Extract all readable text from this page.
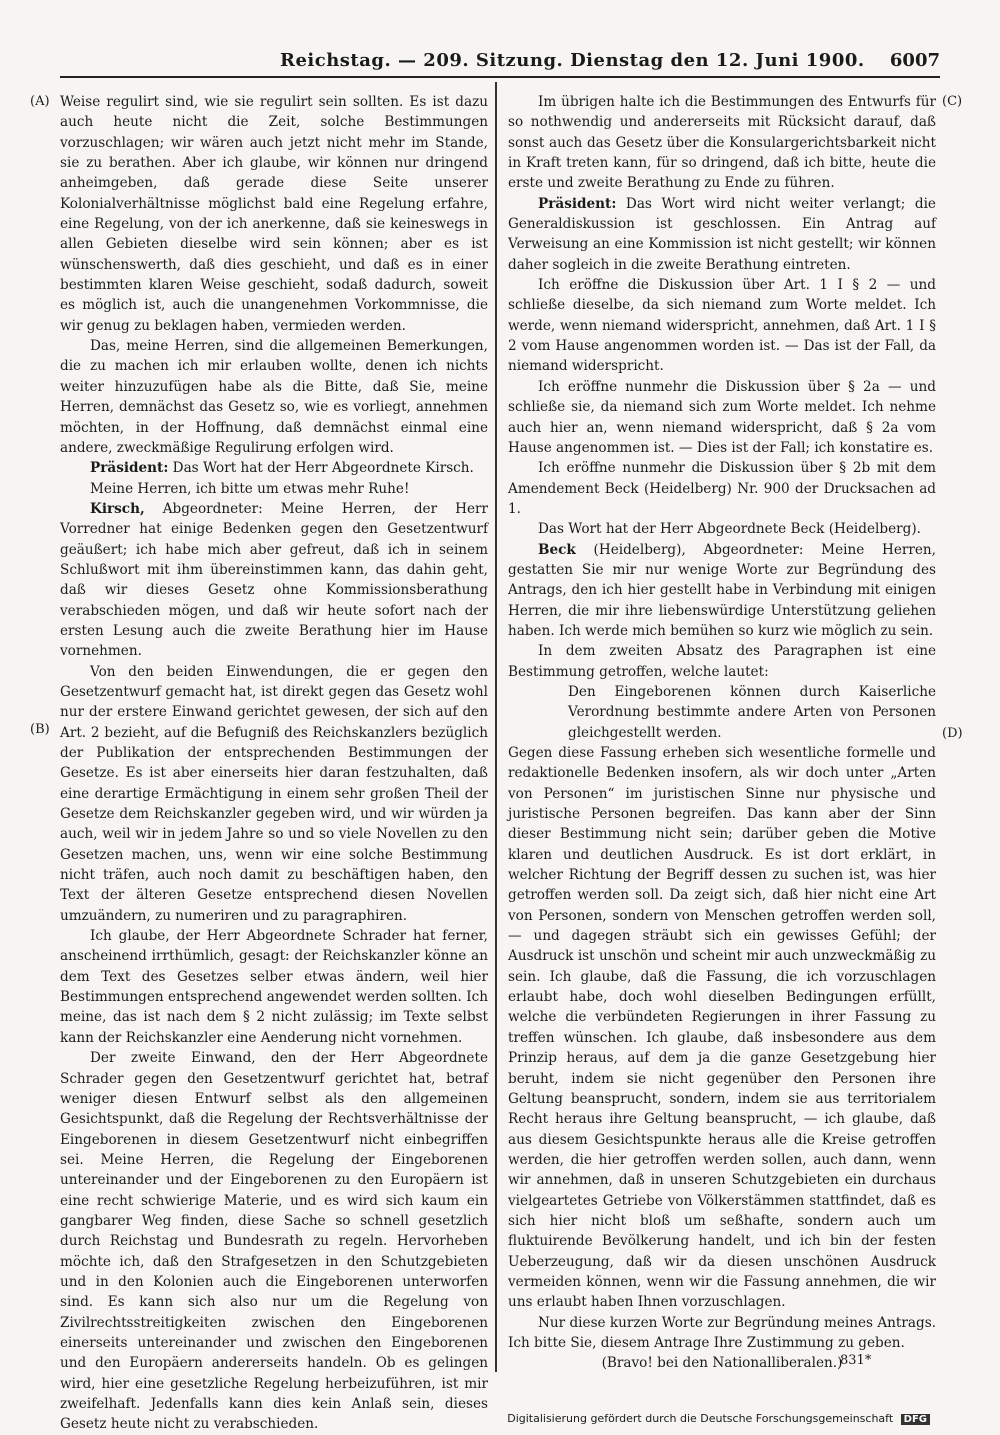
Reichstag. — 209. Sitzung. Dienstag den 12. Juni 1900. 6007
(A)
(B)
(C)
(D)

Weise regulirt sind, wie sie regulirt sein sollten. Es ist dazu auch heute nicht die Zeit, solche Bestimmungen vorzuschlagen; wir wären auch jetzt nicht mehr im Stande, sie zu berathen. Aber ich glaube, wir können nur dringend anheimgeben, daß gerade diese Seite unserer Kolonialverhältnisse möglichst bald eine Regelung erfahre, eine Regelung, von der ich anerkenne, daß sie keineswegs in allen Gebieten dieselbe wird sein können; aber es ist wünschenswerth, daß dies geschieht, und daß es in einer bestimmten klaren Weise geschieht, sodaß dadurch, soweit es möglich ist, auch die unangenehmen Vorkommnisse, die wir genug zu beklagen haben, vermieden werden.

Das, meine Herren, sind die allgemeinen Bemerkungen, die zu machen ich mir erlauben wollte, denen ich nichts weiter hinzuzufügen habe als die Bitte, daß Sie, meine Herren, demnächst das Gesetz so, wie es vorliegt, annehmen möchten, in der Hoffnung, daß demnächst einmal eine andere, zweckmäßige Regulirung erfolgen wird.

Präsident: Das Wort hat der Herr Abgeordnete Kirsch.

Meine Herren, ich bitte um etwas mehr Ruhe!

Kirsch, Abgeordneter: Meine Herren, der Herr Vorredner hat einige Bedenken gegen den Gesetzentwurf geäußert; ich habe mich aber gefreut, daß ich in seinem Schlußwort mit ihm übereinstimmen kann, das dahin geht, daß wir dieses Gesetz ohne Kommissionsberathung verabschieden mögen, und daß wir heute sofort nach der ersten Lesung auch die zweite Berathung hier im Hause vornehmen.

Von den beiden Einwendungen, die er gegen den Gesetzentwurf gemacht hat, ist direkt gegen das Gesetz wohl nur der erstere Einwand gerichtet gewesen, der sich auf den Art. 2 bezieht, auf die Befugniß des Reichskanzlers bezüglich der Publikation der entsprechenden Bestimmungen der Gesetze. Es ist aber einerseits hier daran festzuhalten, daß eine derartige Ermächtigung in einem sehr großen Theil der Gesetze dem Reichskanzler gegeben wird, und wir würden ja auch, weil wir in jedem Jahre so und so viele Novellen zu den Gesetzen machen, uns, wenn wir eine solche Bestimmung nicht träfen, auch noch damit zu beschäftigen haben, den Text der älteren Gesetze entsprechend diesen Novellen umzuändern, zu numeriren und zu paragraphiren.

Ich glaube, der Herr Abgeordnete Schrader hat ferner, anscheinend irrthümlich, gesagt: der Reichskanzler könne an dem Text des Gesetzes selber etwas ändern, weil hier Bestimmungen entsprechend angewendet werden sollten. Ich meine, das ist nach dem § 2 nicht zulässig; im Texte selbst kann der Reichskanzler eine Aenderung nicht vornehmen.

Der zweite Einwand, den der Herr Abgeordnete Schrader gegen den Gesetzentwurf gerichtet hat, betraf weniger diesen Entwurf selbst als den allgemeinen Gesichtspunkt, daß die Regelung der Rechtsverhältnisse der Eingeborenen in diesem Gesetzentwurf nicht einbegriffen sei. Meine Herren, die Regelung der Eingeborenen untereinander und der Eingeborenen zu den Europäern ist eine recht schwierige Materie, und es wird sich kaum ein gangbarer Weg finden, diese Sache so schnell gesetzlich durch Reichstag und Bundesrath zu regeln. Hervorheben möchte ich, daß den Strafgesetzen in den Schutzgebieten und in den Kolonien auch die Eingeborenen unterworfen sind. Es kann sich also nur um die Regelung von Zivilrechtsstreitigkeiten zwischen den Eingeborenen einerseits untereinander und zwischen den Eingeborenen und den Europäern andererseits handeln. Ob es gelingen wird, hier eine gesetzliche Regelung herbeizuführen, ist mir zweifelhaft. Jedenfalls kann dies kein Anlaß sein, dieses Gesetz heute nicht zu verabschieden.

Im übrigen halte ich die Bestimmungen des Entwurfs für so nothwendig und andererseits mit Rücksicht darauf, daß sonst auch das Gesetz über die Konsulargerichtsbarkeit nicht in Kraft treten kann, für so dringend, daß ich bitte, heute die erste und zweite Berathung zu Ende zu führen.

Präsident: Das Wort wird nicht weiter verlangt; die Generaldiskussion ist geschlossen. Ein Antrag auf Verweisung an eine Kommission ist nicht gestellt; wir können daher sogleich in die zweite Berathung eintreten.

Ich eröffne die Diskussion über Art. 1 I § 2 — und schließe dieselbe, da sich niemand zum Worte meldet. Ich werde, wenn niemand widerspricht, annehmen, daß Art. 1 I § 2 vom Hause angenommen worden ist. — Das ist der Fall, da niemand widerspricht.

Ich eröffne nunmehr die Diskussion über § 2a — und schließe sie, da niemand sich zum Worte meldet. Ich nehme auch hier an, wenn niemand widerspricht, daß § 2a vom Hause angenommen ist. — Dies ist der Fall; ich konstatire es.

Ich eröffne nunmehr die Diskussion über § 2b mit dem Amendement Beck (Heidelberg) Nr. 900 der Drucksachen ad 1.

Das Wort hat der Herr Abgeordnete Beck (Heidelberg).

Beck (Heidelberg), Abgeordneter: Meine Herren, gestatten Sie mir nur wenige Worte zur Begründung des Antrags, den ich hier gestellt habe in Verbindung mit einigen Herren, die mir ihre liebenswürdige Unterstützung geliehen haben. Ich werde mich bemühen so kurz wie möglich zu sein.

In dem zweiten Absatz des Paragraphen ist eine Bestimmung getroffen, welche lautet:

Den Eingeborenen können durch Kaiserliche Verordnung bestimmte andere Arten von Personen gleichgestellt werden.

Gegen diese Fassung erheben sich wesentliche formelle und redaktionelle Bedenken insofern, als wir doch unter „Arten von Personen“ im juristischen Sinne nur physische und juristische Personen begreifen. Das kann aber der Sinn dieser Bestimmung nicht sein; darüber geben die Motive klaren und deutlichen Ausdruck. Es ist dort erklärt, in welcher Richtung der Begriff dessen zu suchen ist, was hier getroffen werden soll. Da zeigt sich, daß hier nicht eine Art von Personen, sondern von Menschen getroffen werden soll, — und dagegen sträubt sich ein gewisses Gefühl; der Ausdruck ist unschön und scheint mir auch unzweckmäßig zu sein. Ich glaube, daß die Fassung, die ich vorzuschlagen erlaubt habe, doch wohl dieselben Bedingungen erfüllt, welche die verbündeten Regierungen in ihrer Fassung zu treffen wünschen. Ich glaube, daß insbesondere aus dem Prinzip heraus, auf dem ja die ganze Gesetzgebung hier beruht, indem sie nicht gegenüber den Personen ihre Geltung beansprucht, sondern, indem sie aus territorialem Recht heraus ihre Geltung beansprucht, — ich glaube, daß aus diesem Gesichtspunkte heraus alle die Kreise getroffen werden, die hier getroffen werden sollen, auch dann, wenn wir annehmen, daß in unseren Schutzgebieten ein durchaus vielgeartetes Getriebe von Völkerstämmen stattfindet, daß es sich hier nicht bloß um seßhafte, sondern auch um fluktuirende Bevölkerung handelt, und ich bin der festen Ueberzeugung, daß wir da diesen unschönen Ausdruck vermeiden können, wenn wir die Fassung annehmen, die wir uns erlaubt haben Ihnen vorzuschlagen.

Nur diese kurzen Worte zur Begründung meines Antrags. Ich bitte Sie, diesem Antrage Ihre Zustimmung zu geben.

(Bravo! bei den Nationalliberalen.)

831*
Digitalisierung gefördert durch die Deutsche Forschungsgemeinschaft DFG
